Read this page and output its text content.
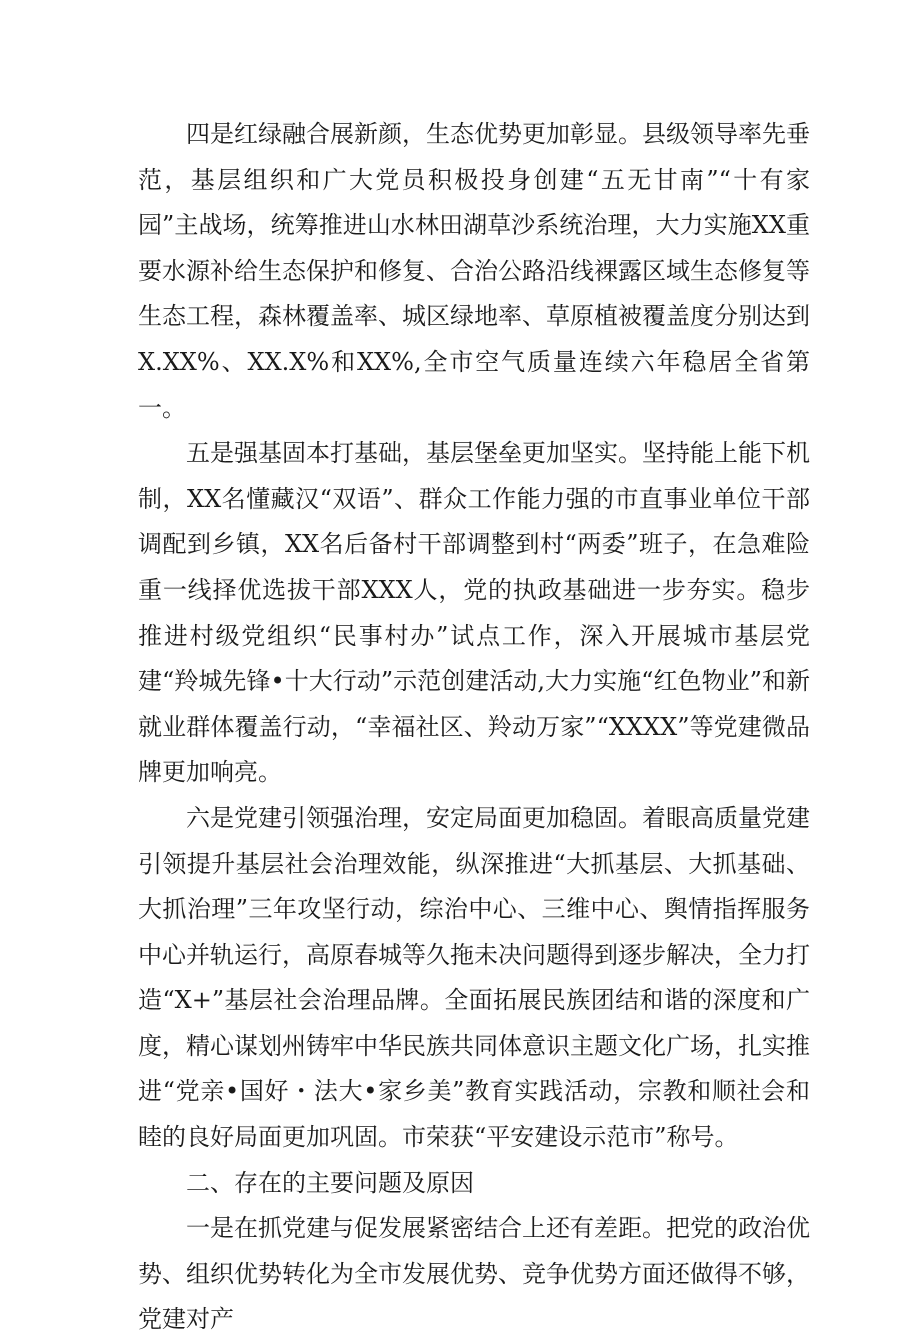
四是红绿融合展新颜，生态优势更加彰显。县级领导率先垂范，基层组织和广大党员积极投身创建“五无甘南”“十有家园”主战场，统筹推进山水林田湖草沙系统治理，大力实施XX重要水源补给生态保护和修复、合治公路沿线裸露区域生态修复等生态工程，森林覆盖率、城区绿地率、草原植被覆盖度分别达到X.XX%、XX.X%和XX%,全市空气质量连续六年稳居全省第一。

五是强基固本打基础，基层堡垒更加坚实。坚持能上能下机制，XX名懂藏汉“双语”、群众工作能力强的市直事业单位干部调配到乡镇，XX名后备村干部调整到村“两委”班子，在急难险重一线择优选拔干部XXX人，党的执政基础进一步夯实。稳步推进村级党组织“民事村办”试点工作，深入开展城市基层党建“羚城先锋•十大行动”示范创建活动,大力实施“红色物业”和新就业群体覆盖行动，“幸福社区、羚动万家”“XXXX”等党建微品牌更加响亮。

六是党建引领强治理，安定局面更加稳固。着眼高质量党建引领提升基层社会治理效能，纵深推进“大抓基层、大抓基础、大抓治理”三年攻坚行动，综治中心、三维中心、舆情指挥服务中心并轨运行，高原春城等久拖未决问题得到逐步解决，全力打造“X+”基层社会治理品牌。全面拓展民族团结和谐的深度和广度，精心谋划州铸牢中华民族共同体意识主题文化广场，扎实推进“党亲•国好・法大•家乡美”教育实践活动，宗教和顺社会和睦的良好局面更加巩固。市荣获“平安建设示范市”称号。

二、存在的主要问题及原因

一是在抓党建与促发展紧密结合上还有差距。把党的政治优势、组织优势转化为全市发展优势、竞争优势方面还做得不够，党建对产
